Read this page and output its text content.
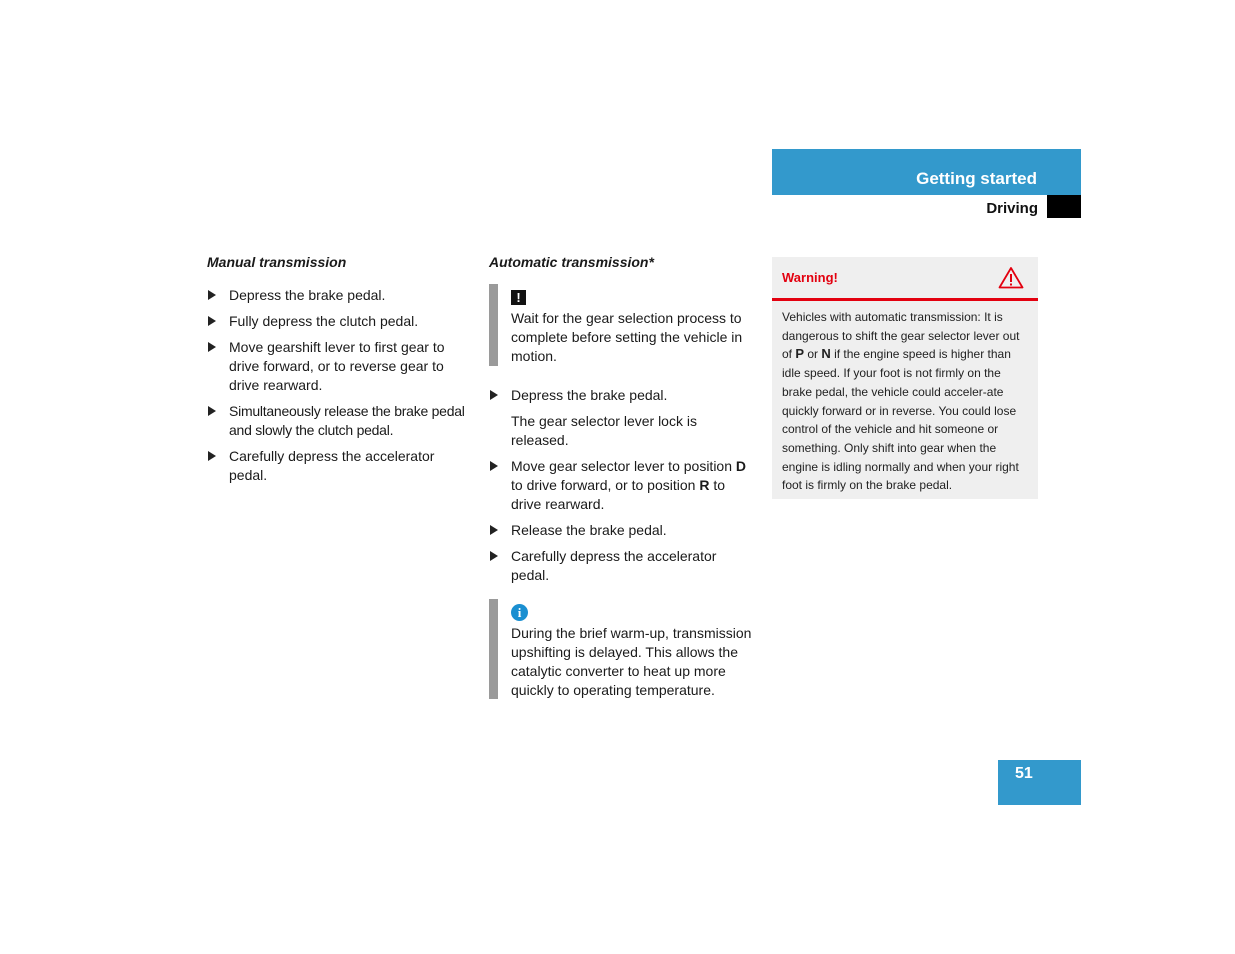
Getting started
Driving
Manual transmission
Depress the brake pedal.
Fully depress the clutch pedal.
Move gearshift lever to first gear to drive forward, or to reverse gear to drive rearward.
Simultaneously release the brake pedal and slowly the clutch pedal.
Carefully depress the accelerator pedal.
Automatic transmission*
!
Wait for the gear selection process to complete before setting the vehicle in motion.
Depress the brake pedal.
The gear selector lever lock is released.
Move gear selector lever to position D to drive forward, or to position R to drive rearward.
Release the brake pedal.
Carefully depress the accelerator pedal.
i
During the brief warm-up, transmission upshifting is delayed. This allows the catalytic converter to heat up more quickly to operating temperature.
Warning!
Vehicles with automatic transmission: It is dangerous to shift the gear selector lever out of P or N if the engine speed is higher than idle speed. If your foot is not firmly on the brake pedal, the vehicle could acceler-ate quickly forward or in reverse. You could lose control of the vehicle and hit someone or something. Only shift into gear when the engine is idling normally and when your right foot is firmly on the brake pedal.
51
